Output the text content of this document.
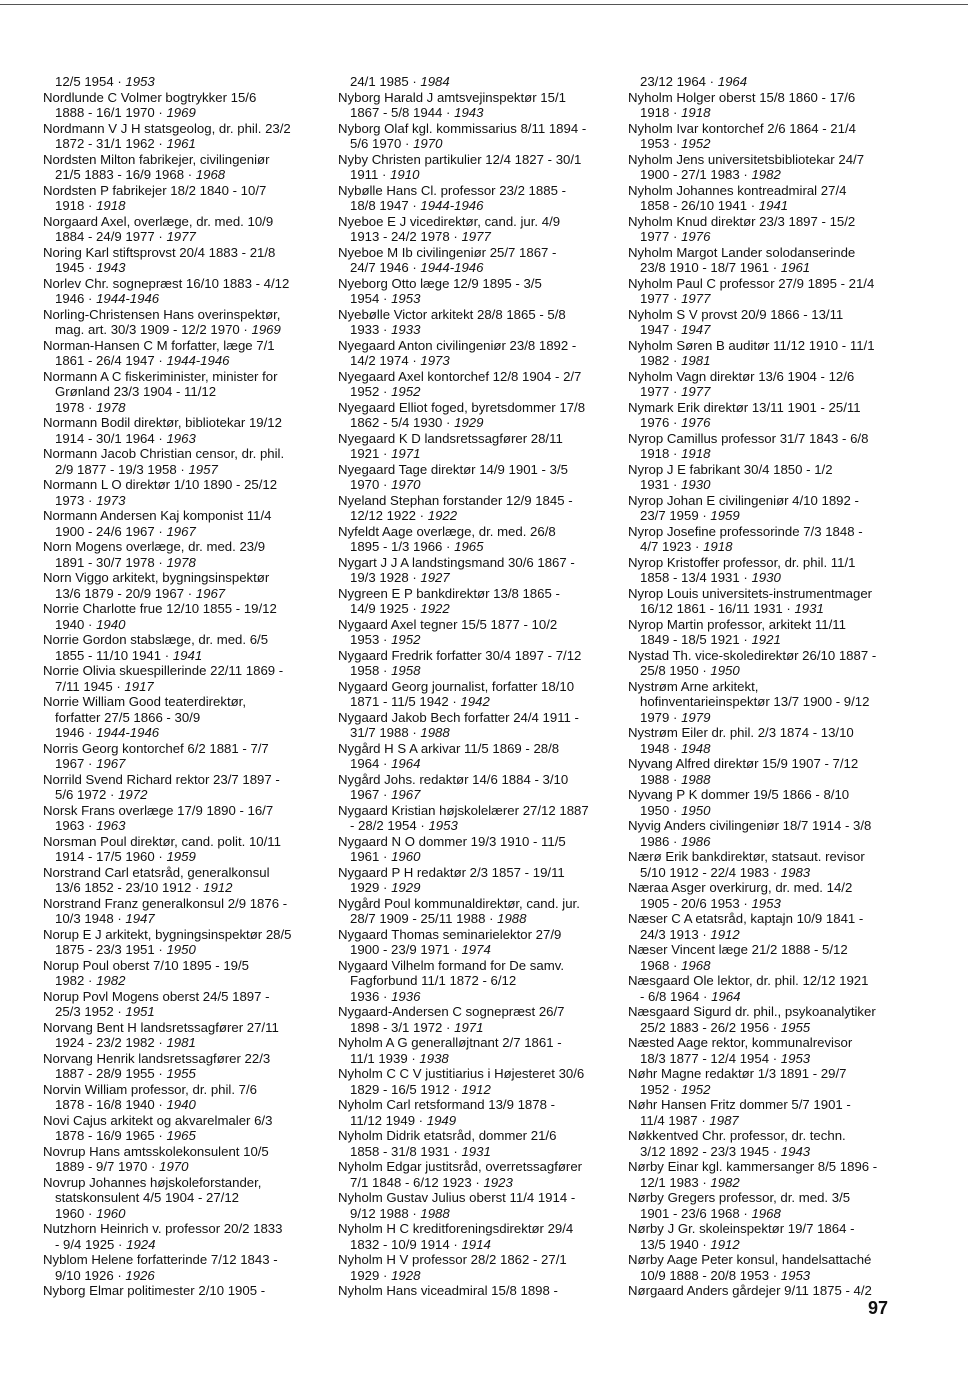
12/5 1954 · 1953
Nordlunde C Volmer bogtrykker 15/6
1888 - 16/1 1970 · 1969
Nordmann V J H statsgeolog, dr. phil. 23/2
1872 - 31/1 1962 · 1961
Nordsten Milton fabrikejer, civilingeniør
21/5 1883 - 16/9 1968 · 1968
Nordsten P fabrikejer 18/2 1840 - 10/7
1918 · 1918
Norgaard Axel, overlæge, dr. med. 10/9
1884 - 24/9 1977 · 1977
Noring Karl stiftsprovst 20/4 1883 - 21/8
1945 · 1943
Norlev Chr. sognepræst 16/10 1883 - 4/12
1946 · 1944-1946
Norling-Christensen Hans overinspektør,
mag. art. 30/3 1909 - 12/2 1970 · 1969
Norman-Hansen C M forfatter, læge 7/1
1861 - 26/4 1947 · 1944-1946
Normann A C fiskeriminister, minister for
Grønland 23/3 1904 - 11/12
1978 · 1978
Normann Bodil direktør, bibliotekar 19/12
1914 - 30/1 1964 · 1963
Normann Jacob Christian censor, dr. phil.
2/9 1877 - 19/3 1958 · 1957
Normann L O direktør 1/10 1890 - 25/12
1973 · 1973
Normann Andersen Kaj komponist 11/4
1900 - 24/6 1967 · 1967
Norn Mogens overlæge, dr. med. 23/9
1891 - 30/7 1978 · 1978
Norn Viggo arkitekt, bygningsinspektør
13/6 1879 - 20/9 1967 · 1967
Norrie Charlotte frue 12/10 1855 - 19/12
1940 · 1940
Norrie Gordon stabslæge, dr. med. 6/5
1855 - 11/10 1941 · 1941
Norrie Olivia skuespillerinde 22/11 1869 -
7/11 1945 · 1917
Norrie William Good teaterdirektør,
forfatter 27/5 1866 - 30/9
1946 · 1944-1946
Norris Georg kontorchef 6/2 1881 - 7/7
1967 · 1967
Norrild Svend Richard rektor 23/7 1897 -
5/6 1972 · 1972
Norsk Frans overlæge 17/9 1890 - 16/7
1963 · 1963
Norsman Poul direktør, cand. polit. 10/11
1914 - 17/5 1960 · 1959
Norstrand Carl etatsråd, generalkonsul
13/6 1852 - 23/10 1912 · 1912
Norstrand Franz generalkonsul 2/9 1876 -
10/3 1948 · 1947
Norup E J arkitekt, bygningsinspektør 28/5
1875 - 23/3 1951 · 1950
Norup Poul oberst 7/10 1895 - 19/5
1982 · 1982
Norup Povl Mogens oberst 24/5 1897 -
25/3 1952 · 1951
Norvang Bent H landsretssagfører 27/11
1924 - 23/2 1982 · 1981
Norvang Henrik landsretssagfører 22/3
1887 - 28/9 1955 · 1955
Norvin William professor, dr. phil. 7/6
1878 - 16/8 1940 · 1940
Novi Cajus arkitekt og akvarelmaler 6/3
1878 - 16/9 1965 · 1965
Novrup Hans amtsskolekonsulent 10/5
1889 - 9/7 1970 · 1970
Novrup Johannes højskoleforstander,
statskonsulent 4/5 1904 - 27/12
1960 · 1960
Nutzhorn Heinrich v. professor 20/2 1833
- 9/4 1925 · 1924
Nyblom Helene forfatterinde 7/12 1843 -
9/10 1926 · 1926
Nyborg Elmar politimester 2/10 1905 -
24/1 1985 · 1984
Nyborg Harald J amtsvejinspektør 15/1
1867 - 5/8 1944 · 1943
Nyborg Olaf kgl. kommissarius 8/11 1894 -
5/6 1970 · 1970
Nyby Christen partikulier 12/4 1827 - 30/1
1911 · 1910
Nybølle Hans Cl. professor 23/2 1885 -
18/8 1947 · 1944-1946
Nyeboe E J vicedirektør, cand. jur. 4/9
1913 - 24/2 1978 · 1977
Nyeboe M Ib civilingeniør 25/7 1867 -
24/7 1946 · 1944-1946
Nyeborg Otto læge 12/9 1895 - 3/5
1954 · 1953
Nyebølle Victor arkitekt 28/8 1865 - 5/8
1933 · 1933
Nyegaard Anton civilingeniør 23/8 1892 -
14/2 1974 · 1973
Nyegaard Axel kontorchef 12/8 1904 - 2/7
1952 · 1952
Nyegaard Elliot foged, byretsdommer 17/8
1862 - 5/4 1930 · 1929
Nyegaard K D landsretssagfører 28/11
1921 · 1971
Nyegaard Tage direktør 14/9 1901 - 3/5
1970 · 1970
Nyeland Stephan forstander 12/9 1845 -
12/12 1922 · 1922
Nyfeldt Aage overlæge, dr. med. 26/8
1895 - 1/3 1966 · 1965
Nygart J J A landstingsmand 30/6 1867 -
19/3 1928 · 1927
Nygreen E P bankdirektør 13/8 1865 -
14/9 1925 · 1922
Nygaard Axel tegner 15/5 1877 - 10/2
1953 · 1952
Nygaard Fredrik forfatter 30/4 1897 - 7/12
1958 · 1958
Nygaard Georg journalist, forfatter 18/10
1871 - 11/5 1942 · 1942
Nygaard Jakob Bech forfatter 24/4 1911 -
31/7 1988 · 1988
Nygård H S A arkivar 11/5 1869 - 28/8
1964 · 1964
Nygård Johs. redaktør 14/6 1884 - 3/10
1967 · 1967
Nygaard Kristian højskolelærer 27/12 1887
- 28/2 1954 · 1953
Nygaard N O dommer 19/3 1910 - 11/5
1961 · 1960
Nygaard P H redaktør 2/3 1857 - 19/11
1929 · 1929
Nygård Poul kommunaldirektør, cand. jur.
28/7 1909 - 25/11 1988 · 1988
Nygaard Thomas seminarielektor 27/9
1900 - 23/9 1971 · 1974
Nygaard Vilhelm formand for De samv.
Fagforbund 11/1 1872 - 6/12
1936 · 1936
Nygaard-Andersen C sognepræst 26/7
1898 - 3/1 1972 · 1971
Nyholm A G generalløjtnant 2/7 1861 -
11/1 1939 · 1938
Nyholm C C V justitiarius i Højesteret 30/6
1829 - 16/5 1912 · 1912
Nyholm Carl retsformand 13/9 1878 -
11/12 1949 · 1949
Nyholm Didrik etatsråd, dommer 21/6
1858 - 31/8 1931 · 1931
Nyholm Edgar justitsråd, overretssagfører
7/1 1848 - 6/12 1923 · 1923
Nyholm Gustav Julius oberst 11/4 1914 -
9/12 1988 · 1988
Nyholm H C kreditforeningsdirektør 29/4
1832 - 10/9 1914 · 1914
Nyholm H V professor 28/2 1862 - 27/1
1929 · 1928
Nyholm Hans viceadmiral 15/8 1898 -
23/12 1964 · 1964
Nyholm Holger oberst 15/8 1860 - 17/6
1918 · 1918
Nyholm Ivar kontorchef 2/6 1864 - 21/4
1953 · 1952
Nyholm Jens universitetsbibliotekar 24/7
1900 - 27/1 1983 · 1982
Nyholm Johannes kontreadmiral 27/4
1858 - 26/10 1941 · 1941
Nyholm Knud direktør 23/3 1897 - 15/2
1977 · 1976
Nyholm Margot Lander solodanserinde
23/8 1910 - 18/7 1961 · 1961
Nyholm Paul C professor 27/9 1895 - 21/4
1977 · 1977
Nyholm S V provst 20/9 1866 - 13/11
1947 · 1947
Nyholm Søren B auditør 11/12 1910 - 11/1
1982 · 1981
Nyholm Vagn direktør 13/6 1904 - 12/6
1977 · 1977
Nymark Erik direktør 13/11 1901 - 25/11
1976 · 1976
Nyrop Camillus professor 31/7 1843 - 6/8
1918 · 1918
Nyrop J E fabrikant 30/4 1850 - 1/2
1931 · 1930
Nyrop Johan E civilingeniør 4/10 1892 -
23/7 1959 · 1959
Nyrop Josefine professorinde 7/3 1848 -
4/7 1923 · 1918
Nyrop Kristoffer professor, dr. phil. 11/1
1858 - 13/4 1931 · 1930
Nyrop Louis universitets-instrumentmager
16/12 1861 - 16/11 1931 · 1931
Nyrop Martin professor, arkitekt 11/11
1849 - 18/5 1921 · 1921
Nystad Th. vice-skoledirektør 26/10 1887 -
25/8 1950 · 1950
Nystrøm Arne arkitekt,
hofinventarieinspektør 13/7 1900 - 9/12
1979 · 1979
Nystrøm Eiler dr. phil. 2/3 1874 - 13/10
1948 · 1948
Nyvang Alfred direktør 15/9 1907 - 7/12
1988 · 1988
Nyvang P K dommer 19/5 1866 - 8/10
1950 · 1950
Nyvig Anders civilingeniør 18/7 1914 - 3/8
1986 · 1986
Nærø Erik bankdirektør, statsaut. revisor
5/10 1912 - 22/4 1983 · 1983
Næraa Asger overkirurg, dr. med. 14/2
1905 - 20/6 1953 · 1953
Næser C A etatsråd, kaptajn 10/9 1841 -
24/3 1913 · 1912
Næser Vincent læge 21/2 1888 - 5/12
1968 · 1968
Næsgaard Ole lektor, dr. phil. 12/12 1921
- 6/8 1964 · 1964
Næsgaard Sigurd dr. phil., psykoanalytiker
25/2 1883 - 26/2 1956 · 1955
Næsted Aage rektor, kommunalrevisor
18/3 1877 - 12/4 1954 · 1953
Nøhr Magne redaktør 1/3 1891 - 29/7
1952 · 1952
Nøhr Hansen Fritz dommer 5/7 1901 -
11/4 1987 · 1987
Nøkkentved Chr. professor, dr. techn.
3/12 1892 - 23/3 1945 · 1943
Nørby Einar kgl. kammersanger 8/5 1896 -
12/1 1983 · 1982
Nørby Gregers professor, dr. med. 3/5
1901 - 23/6 1968 · 1968
Nørby J Gr. skoleinspektør 19/7 1864 -
13/5 1940 · 1912
Nørby Aage Peter konsul, handelsattaché
10/9 1888 - 20/8 1953 · 1953
Nørgaard Anders gårdejer 9/11 1875 - 4/2
97
